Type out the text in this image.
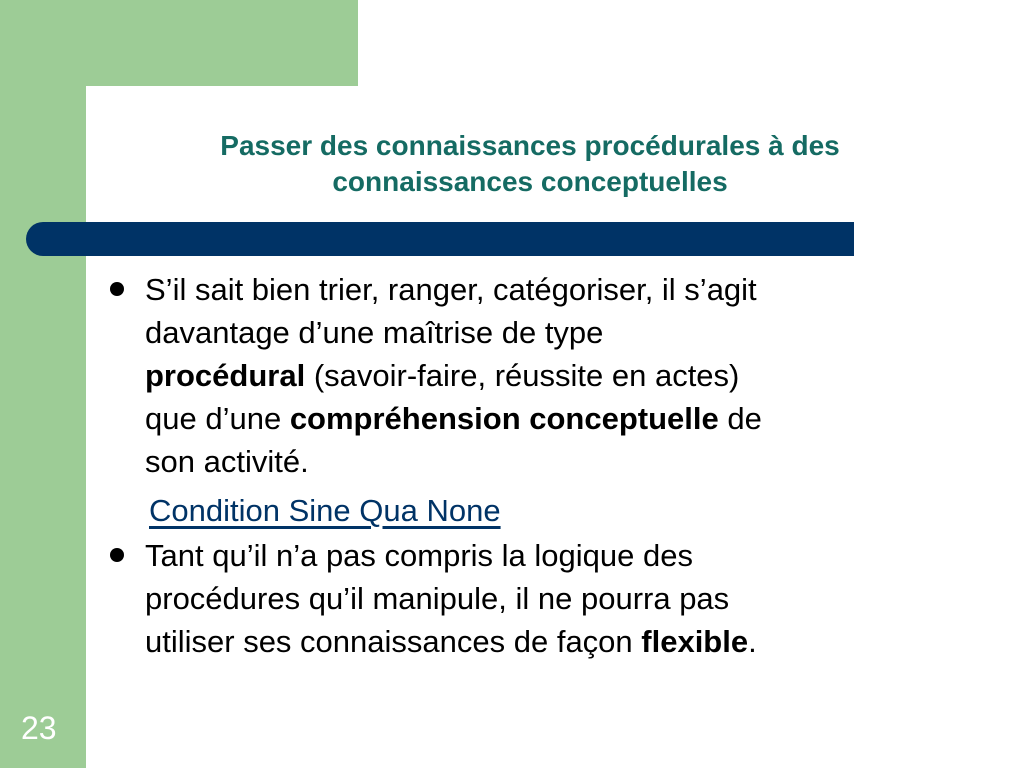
Passer des connaissances procédurales à des
connaissances conceptuelles
S’il sait bien trier, ranger, catégoriser, il s’agit
davantage d’une maîtrise de type
procédural (savoir-faire, réussite en actes)
que d’une compréhension conceptuelle de
son activité.
Condition Sine Qua None
Tant qu’il n’a pas compris la logique des
procédures qu’il manipule, il ne pourra pas
utiliser ses connaissances de façon flexible.
23
